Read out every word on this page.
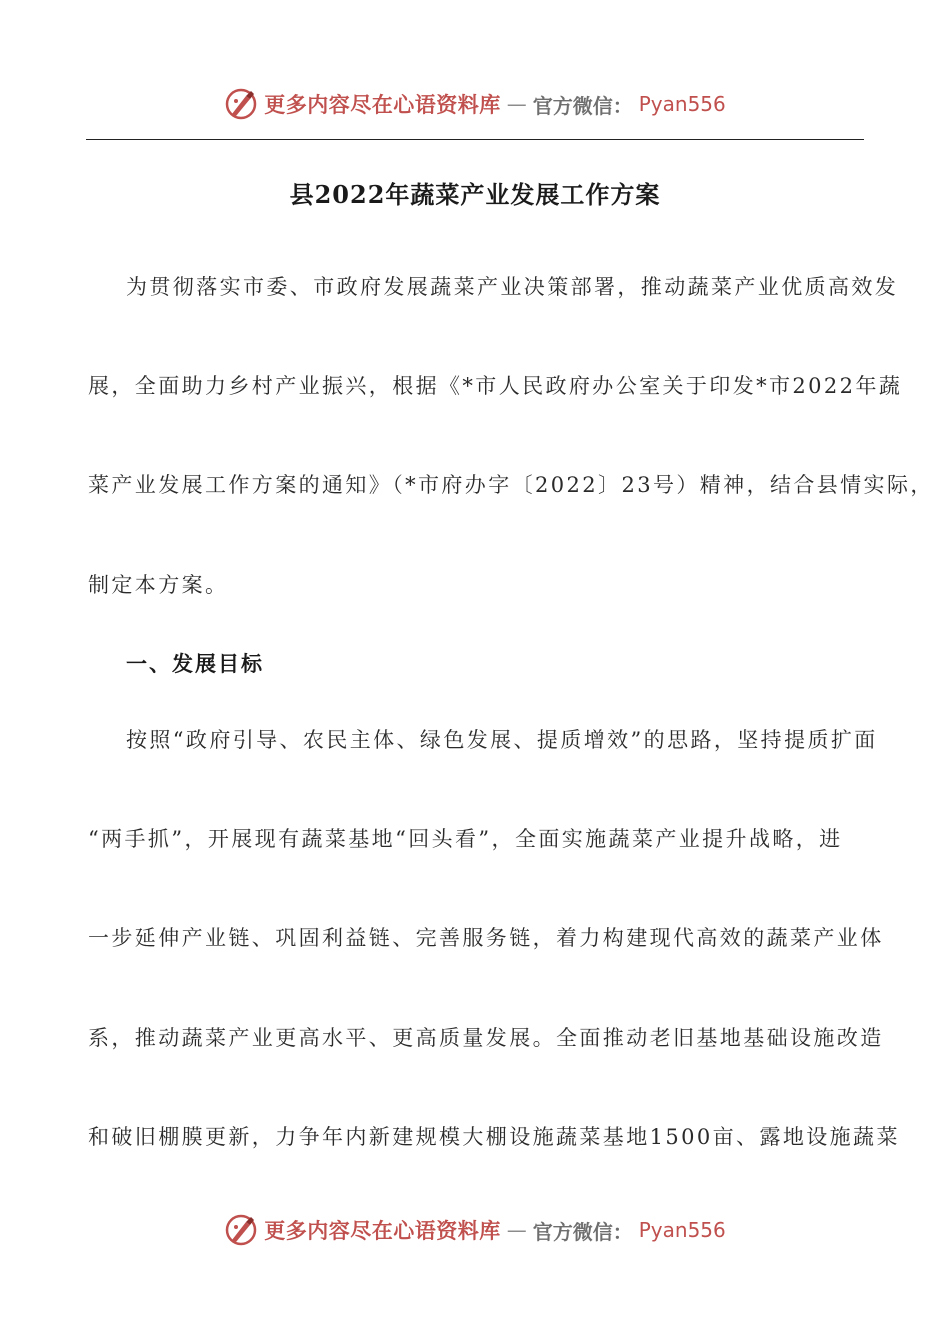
更多内容尽在心语资料库 — 官方微信： Pyan556
县2022年蔬菜产业发展工作方案
为贯彻落实市委、市政府发展蔬菜产业决策部署，推动蔬菜产业优质高效发
展，全面助力乡村产业振兴，根据《*市人民政府办公室关于印发*市2022年蔬
菜产业发展工作方案的通知》（*市府办字〔2022〕23号）精神，结合县情实际，
制定本方案。
一、发展目标
按照“政府引导、农民主体、绿色发展、提质增效”的思路，坚持提质扩面
“两手抓”，开展现有蔬菜基地“回头看”，全面实施蔬菜产业提升战略，进
一步延伸产业链、巩固利益链、完善服务链，着力构建现代高效的蔬菜产业体
系，推动蔬菜产业更高水平、更高质量发展。全面推动老旧基地基础设施改造
和破旧棚膜更新，力争年内新建规模大棚设施蔬菜基地1500亩、露地设施蔬菜
更多内容尽在心语资料库 — 官方微信： Pyan556
